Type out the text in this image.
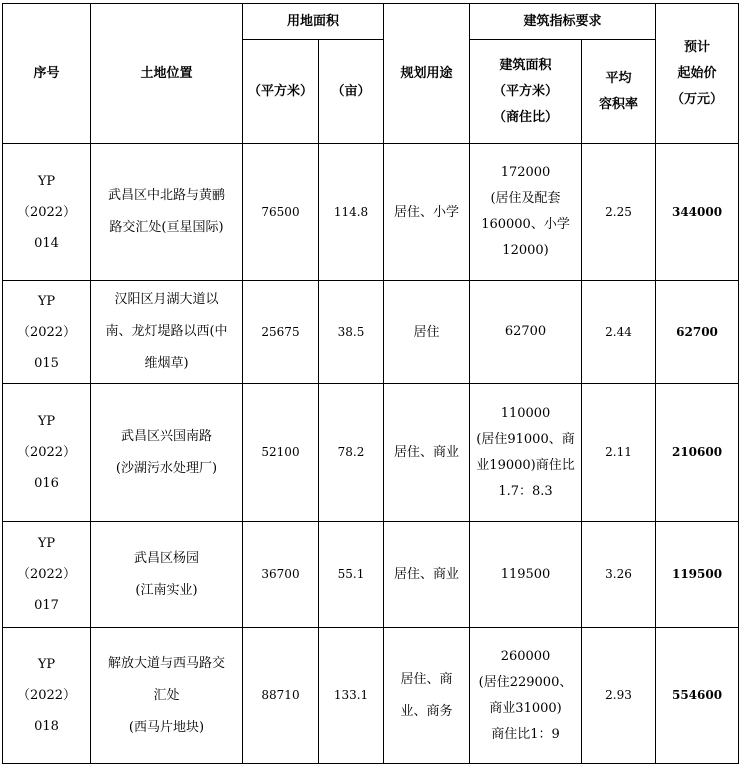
序号	土地位置	用地面积		规划用途	建筑指标要求		预计
起始价
（万元）

		（平方米）	（亩）		建筑面积
（平方米）
（商住比）	平均
容积率	

YP
（2022）
014	武昌区中北路与黄鹂
路交汇处(亘星国际)	76500	114.8	居住、小学	172000
(居住及配套
160000、小学
12000)	2.25	344000

YP
（2022）
015	汉阳区月湖大道以
南、龙灯堤路以西(中
维烟草)	25675	38.5	居住	62700	2.44	62700

YP
（2022）
016	武昌区兴国南路
(沙湖污水处理厂)	52100	78.2	居住、商业	110000
(居住91000、商
业19000)商住比
1.7：8.3	2.11	210600

YP
（2022）
017	武昌区杨园
(江南实业)	36700	55.1	居住、商业	119500	3.26	119500

YP
（2022）
018	解放大道与西马路交
汇处
(西马片地块)	88710	133.1	居住、商
业、商务	260000
(居住229000、
商业31000)
商住比1：9	2.93	554600
